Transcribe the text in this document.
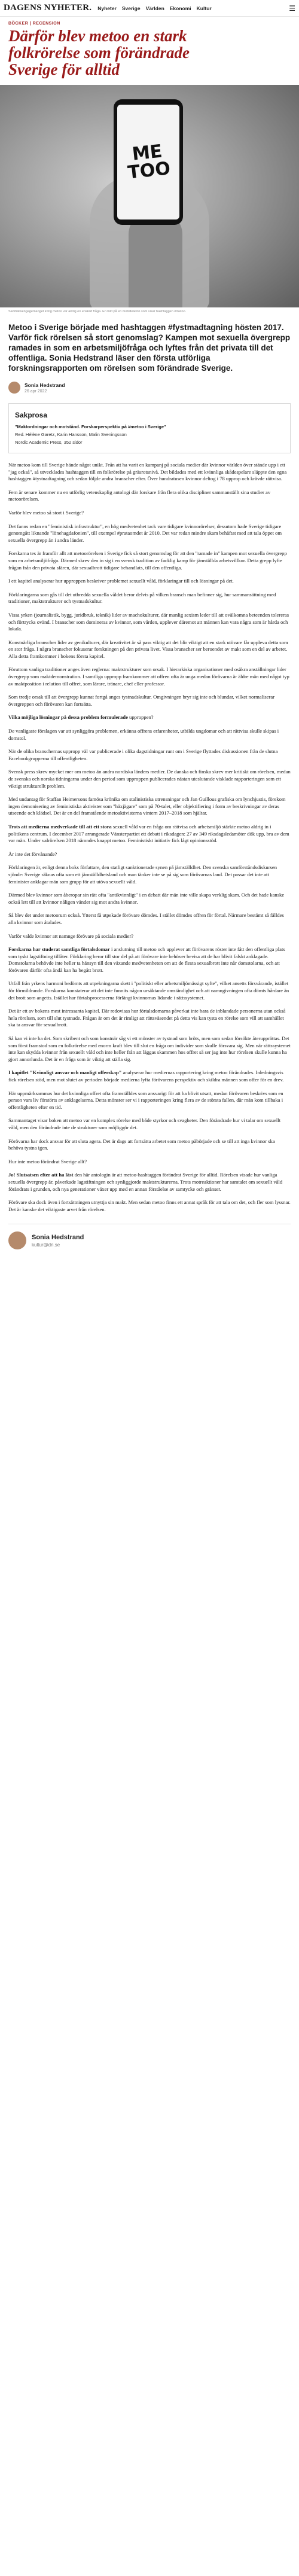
DAGENS NYHETER. Nyheter Sverige Världen Ekonomi Kultur	☰
BÖCKER | RECENSION
Därför blev metoo en stark folkrörelse som förändrade Sverige för alltid
ME
TOO
Samhällsengagemanget kring metoo var aldrig en enskild fråga. En bild på en mobiltelefon som visar hashtaggen #metoo.

Metoo i Sverige började med hashtaggen #fystmadtagning hösten 2017. Varför fick rörelsen så stort genomslag? Kampen mot sexuella övergrepp ramades in som en arbetsmiljöfråga och lyftes från det privata till det offentliga. Sonia Hedstrand läser den första utförliga forskningsrapporten om rörelsen som förändrade Sverige.

Sonia Hedstrand
26 apr 2022
Sakprosa
"Maktordningar och motstånd. Forskarperspektiv på #metoo i Sverige"
Red. Hélène Garetz, Karin Hansson, Malin Sveningsson
Nordic Academic Press, 352 sidor

När metoo kom till Sverige hände något unikt. Från att ha varit en kampanj på sociala medier där kvinnor världen över stände upp i ett "jag också", så utvecklades hashtaggen till en folkrörelse på gräsrotsnivå. Det bildades med ett kvinnliga skådespelare släppte den egna hashtaggen #tystnadtagning och sedan följde andra branscher efter. Över hundratusen kvinnor deltog i 78 upprop och krävde rättvisa.

Fem år senare kommer nu en utförlig vetenskaplig antologi där forskare från flera olika discipliner sammanställt sina studier av metoorörelsen.

Varför blev metoo så stort i Sverige?

Det fanns redan en "feministisk infrastruktur", en hög medvetenhet tack vare tidigare kvinnorörelser, dessutom hade Sverige tidigare genomgått liknande "lönehagdafonien", till exempel #prataomdet år 2010. Det var redan mindre skam behäftat med att tala öppet om sexuella övergrepp än i andra länder.

Forskarna tes är framför allt att metoorörelsen i Sverige fick så stort genomslag för att den "ramade in" kampen mot sexuella övergrepp som en arbetsmiljöfråga. Därmed skrev den in sig i en svensk tradition av facklig kamp för jämställda arbetsvillkor. Detta grepp lyfte frågan från den privata sfären, där sexualbrott tidigare behandlats, till den offentliga.

I ett kapitel analyserar hur upproppen beskriver problemet sexuellt våld, förklaringar till och lösningar på det.

Förklaringarna som gås till det utbredda sexuella våldet beror delvis på vilken bransch man befinner sig, hur sammansättning med traditioner, maktstrukturer och tystnadskultur.

Vissa yrken (journalistik, bygg, juridbruk, teknik) lider av machokulturer, där manlig sexism leder till att ovälkomna beteenden tolereras och förtrycks ovänd. I branscher som domineras av kvinnor, som vården, upplever däremot att männen kan vara några som är hårda och lokala.

Konstnärliga branscher lider av genikulturer, där kreativitet är så pass viktig att det blir viktigt att en stark utövare får uppleva detta som en stor fråga. I några branscher fokuserar forskningen på den privata livet. Vissa branscher ser beroendet av makt som en del av arbetet. Alla detta framkommer i bokens första kapitel.

Föruttom vanliga traditioner anges även reglerna: maktstrukturer som orsak. I hierarkiska organisationer med osäkra anställningar lider övergrepp som maktdemonstration. I samtliga uppropp framkommer att offren ofta är unga medan förövarna är äldre män med något typ av maktposition i relation till offret, som lärare, tränare, chef eller professor.

Som tredje orsak till att övergrepp kunnat fortgå anges tystnadskultur. Omgivningen bryr sig inte och blundar, vilket normaliserar övergreppen och förövaren kan fortsätta.

Vilka möjliga lösningar på dessa problem formulerade upproppen?

De vanligaste förslagen var att synliggöra problemen, erkänna offrens erfarenheter, utbilda ungdomar och att rättvisa skulle skipas i domstol.

När de olika branschernas uppropp väl var publicerade i olika dagstidningar runt om i Sverige flyttades diskussionen från de slutna Facebookgrupperna till offentligheten.

Svensk press skrev mycket mer om metoo än andra nordiska länders medier. De danska och finska skrev mer kritiskt om rörelsen, medan de svenska och norska tidningarna under den period som upproppen publicerades nästan uteslutande visklade rapporteringen som ett viktigt strukturellt problem.

Med undantag för Staffan Heimersons famösa krönika om stalinistiska utrensningar och Jan Guillous grafiska om lynchjustis, förekom ingen demonisering av feministiska aktivister som "häxjägare" som på 70-talet, eller objektifiering i form av beskrivningar av deras utseende och klädsel. Det är en del framstående metoaktivisterna vintern 2017–2018 som hjältar.

Trots att medierna medverkade till att ett stora sexuell våld var en fråga om rättvisa och arbetsmiljö stärkte metoo aldrig in i politikens centrum. I december 2017 arrangerade Vänsterpartiet ett debatt i riksdagen: 27 av 349 riksdagsledamöter dök upp, bra av dem var män. Under valrörelsen 2018 nämndes knappt metoo. Feministiskt initiativ fick lågt opinionsstöd.

År inte det förvånande?

Förklaringen är, enligt denna boks författare, den statligt sanktionerade synen på jämställdhet. Den svenska samförståndsdiskursen sjönde: Sverige räknas ofta som ett jämställdhetsland och man tänker inte se på sig som förövarnas land. Det passar det inte att feminister anklagar män som grupp för att utöva sexuellt våld.

Därmed blev kvinnor som åberopar sin rätt ofta "antikvinnligt" i en debatt där män inte ville skapa verklig skam. Och det hade kanske också lett till att kvinnor nåligen vänder sig mot andra kvinnor.

Så blev det under metoorum också. Ytterst få utpekade förövare dömdes. I stället dömdes offren för förtal. Närmare bestämt så fälldes alla kvinnor som åtalades.

Varför valde kvinnor att namnge förövare på sociala medier?

Forskarna har studerat samtliga förtalsdomar i anslutning till metoo och upplever att förövarens röster inte fått den offentliga plats som tyskt lagstiftning tillåter. Förklaring beror till stor del på att förövare inte behöver bevisa att de har blivit falskt anklagade. Domstolarna behövde inte heller ta hänsyn till den växande medvetenheten om att de flesta sexualbrott inte når domstolarna, och att förövaren därför ofta ändå kan ha begått brott.

Utfall från yrkens harmoni bedömts att utpekningarna skett i "politiskt eller arbetsmiljömässigt syfte", vilket ansetts försvårande, istället för förmildrande. Forskarna konstaterar att det inte funnits någon ursäktande omständighet och att namngivningen ofta dömts hårdare än det brott som angetts. Istället har förtalsprocesserna förlängt kvinnornas lidande i rättssystemet.

Det är ett av bokens mest intressanta kapitel. Där redovisas hur förtalsdomarna påverkat inte bara de inblandade personerna utan också hela rörelsen, som till slut tystnade. Frågan är om det är rimligt att rättsväsendet på detta vis kan tysta en rörelse som vill att samhället ska ta ansvar för sexualbrott.

Så kan vi inte ha det. Som skribent och som konstnär såg vi ett mönster av tystnad som bröts, men som sedan försökte återupprättas. Det som först framstod som en folkrörelse med enorm kraft blev till slut en fråga om individer som skulle försvara sig. Men när rättssystemet inte kan skydda kvinnor från sexuellt våld och inte heller från att läggas skammen hos offret så ser jag inte hur rörelsen skulle kunna ha gjort annorlunda. Det är en fråga som är viktig att ställa sig.

I kapitlet "Kvinnligt ansvar och manligt offerskap" analyserar hur mediernas rapportering kring metoo förändrades. Inledningsvis fick rörelsen stöd, men mot slutet av perioden började medierna lyfta förövarens perspektiv och skildra männen som offer för en drev.

Här uppmärksammas hur det kvinnliga offret ofta framställdes som ansvarigt för att ha blivit utsatt, medan förövaren beskrivs som en person vars liv förstörts av anklagelserna. Detta mönster ser vi i rapporteringen kring flera av de största fallen, där män kom tillbaka i offentligheten efter en tid.

Sammantaget visar boken att metoo var en komplex rörelse med både styrkor och svagheter. Den förändrade hur vi talar om sexuellt våld, men den förändrade inte de strukturer som möjliggör det.

Förövarna har dock ansvar för att sluta agera. Det är dags att fortsätta arbetet som metoo påbörjade och se till att inga kvinnor ska behöva tystna igen.

Hur inte metoo förändrat Sverige allt?

Jo! Slutsatsen efter att ha läst den här antologin är att metoo-hashtaggen förändrat Sverige för alltid. Rörelsen visade hur vanliga sexuella övergrepp är, påverkade lagstiftningen och synliggjorde maktstrukturerna. Trots motreaktioner har samtalet om sexuellt våld förändrats i grunden, och nya generationer växer upp med en annan förståelse av samtycke och gränser.

Förövare ska dock även i fortsättningen utnyttja sin makt. Men sedan metoo finns ett annat språk för att tala om det, och fler som lyssnar. Det är kanske det viktigaste arvet från rörelsen.

Sonia Hedstrand
kultur@dn.se
